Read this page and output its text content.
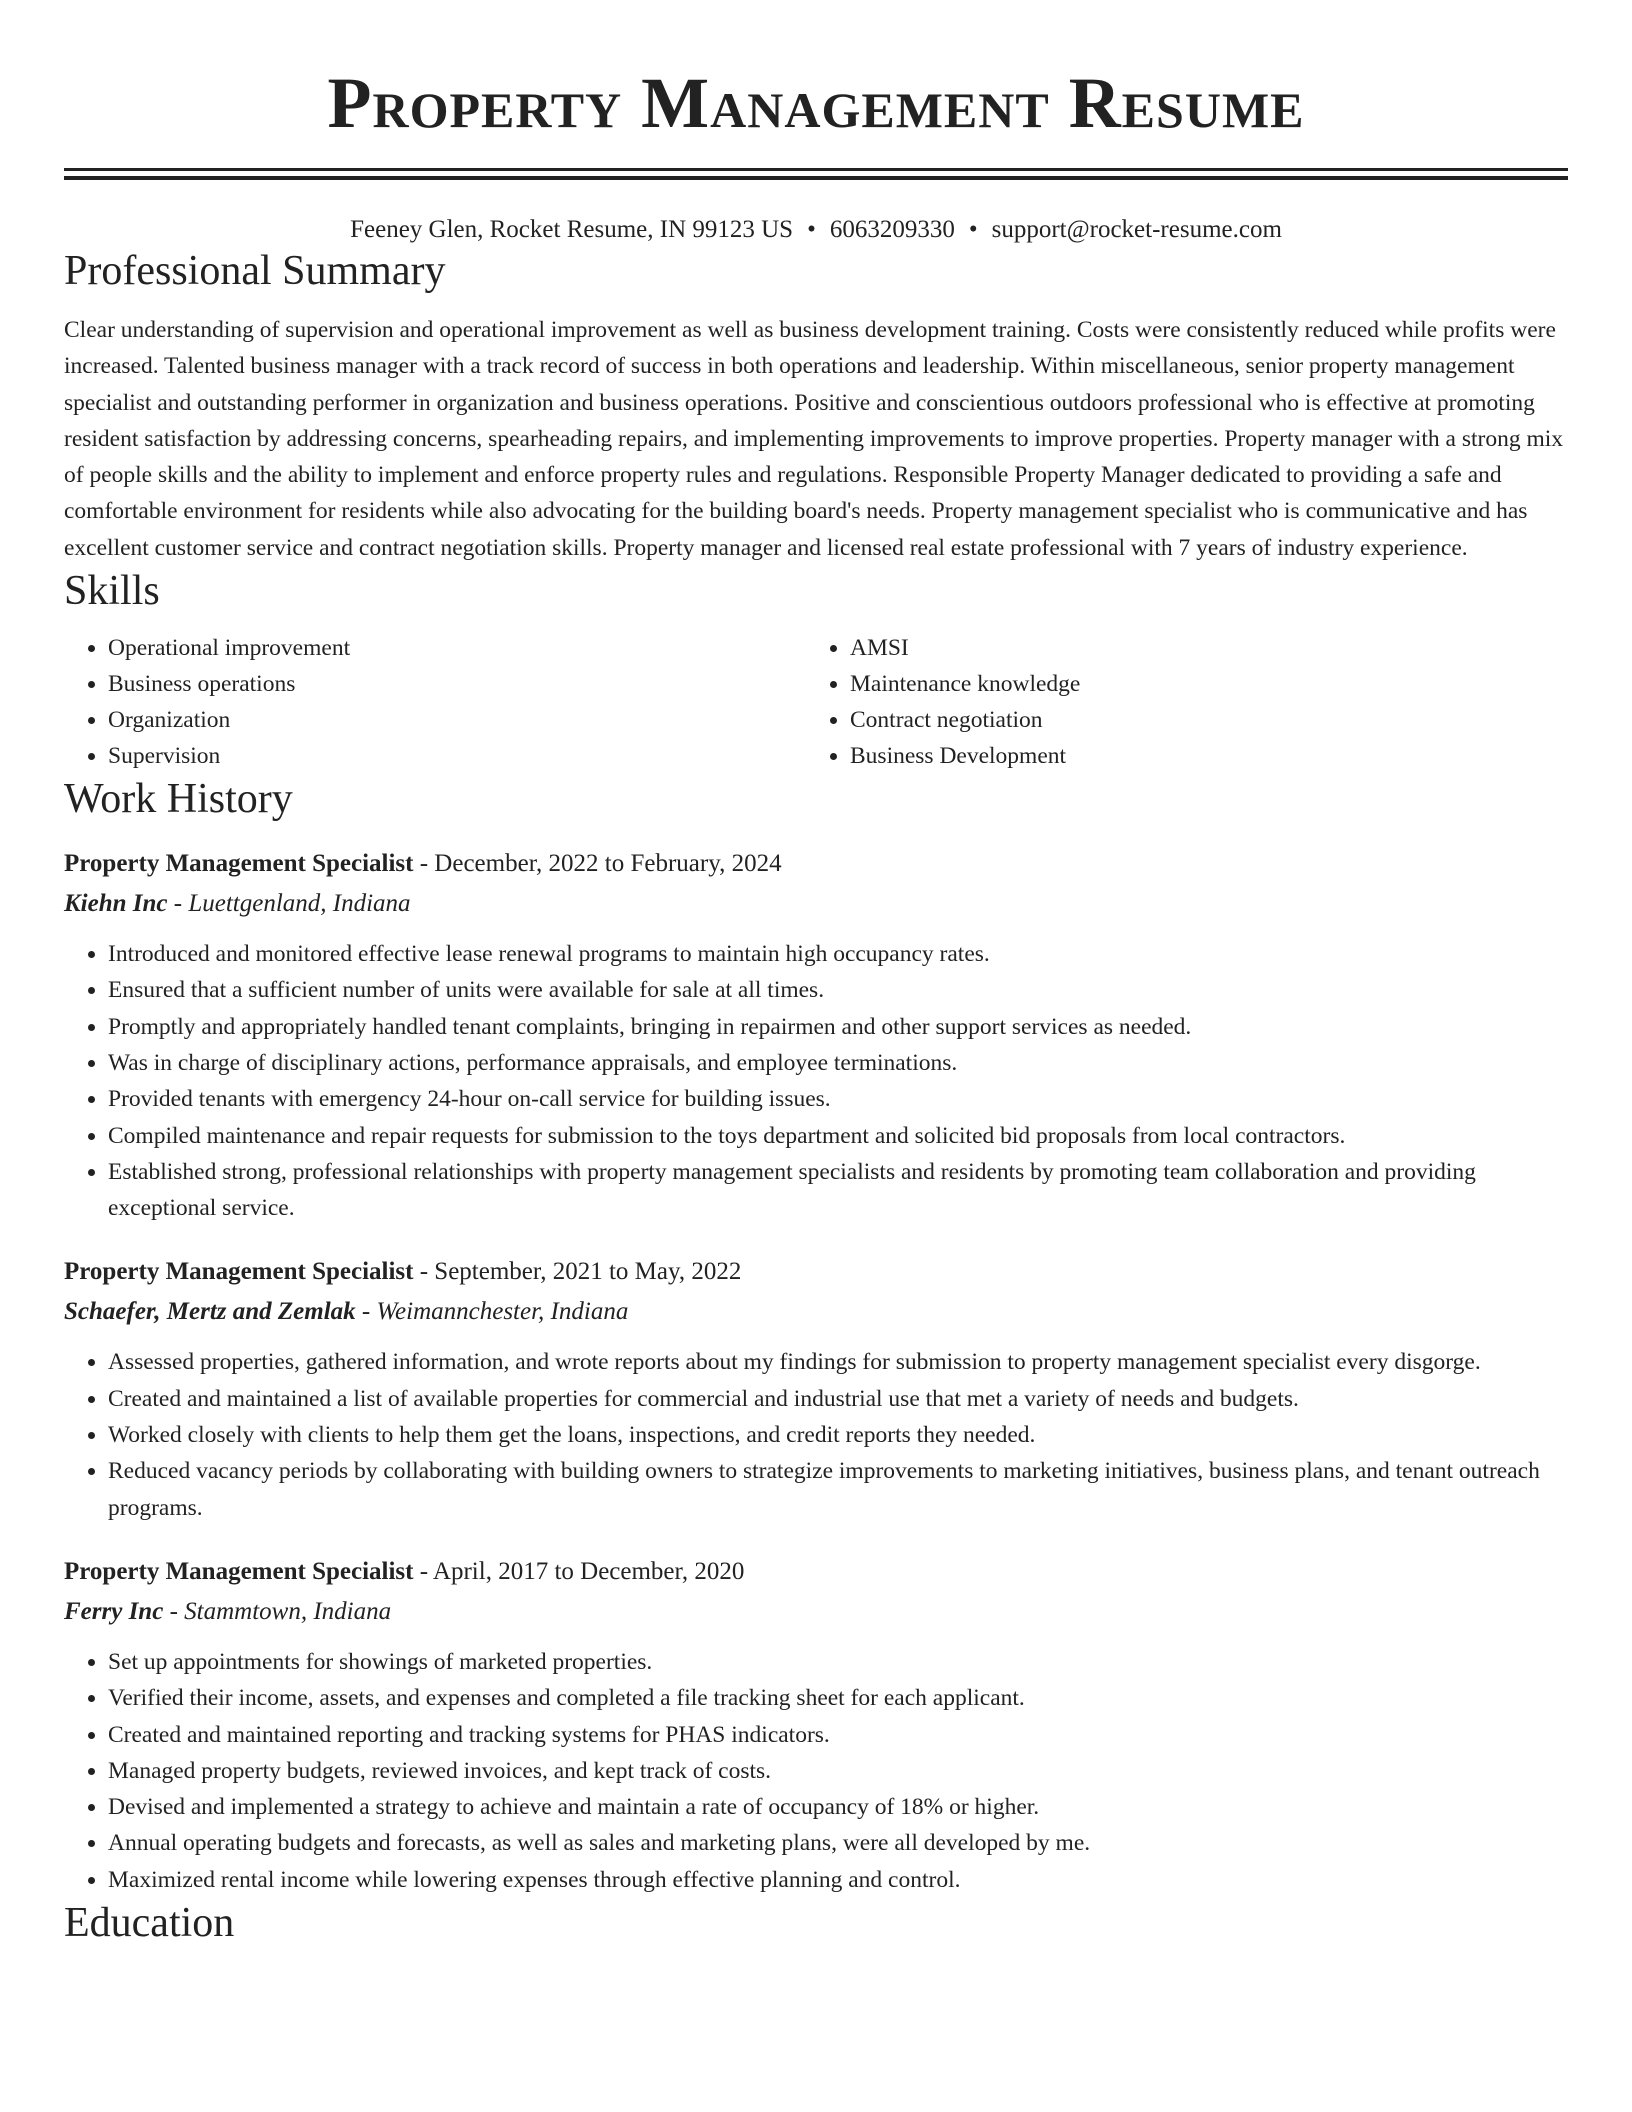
Property Management Resume
Feeney Glen, Rocket Resume, IN 99123 US • 6063209330 • support@rocket-resume.com
Professional Summary

Clear understanding of supervision and operational improvement as well as business development training. Costs were consistently reduced while profits were increased. Talented business manager with a track record of success in both operations and leadership. Within miscellaneous, senior property management specialist and outstanding performer in organization and business operations. Positive and conscientious outdoors professional who is effective at promoting resident satisfaction by addressing concerns, spearheading repairs, and implementing improvements to improve properties. Property manager with a strong mix of people skills and the ability to implement and enforce property rules and regulations. Responsible Property Manager dedicated to providing a safe and comfortable environment for residents while also advocating for the building board's needs. Property management specialist who is communicative and has excellent customer service and contract negotiation skills. Property manager and licensed real estate professional with 7 years of industry experience.

Skills
• Operational improvement
• Business operations
• Organization
• Supervision
• AMSI
• Maintenance knowledge
• Contract negotiation
• Business Development
Work History
Property Management Specialist - December, 2022 to February, 2024
Kiehn Inc - Luettgenland, Indiana
• Introduced and monitored effective lease renewal programs to maintain high occupancy rates.
• Ensured that a sufficient number of units were available for sale at all times.
• Promptly and appropriately handled tenant complaints, bringing in repairmen and other support services as needed.
• Was in charge of disciplinary actions, performance appraisals, and employee terminations.
• Provided tenants with emergency 24-hour on-call service for building issues.
• Compiled maintenance and repair requests for submission to the toys department and solicited bid proposals from local contractors.
• Established strong, professional relationships with property management specialists and residents by promoting team collaboration and providing exceptional service.
Property Management Specialist - September, 2021 to May, 2022
Schaefer, Mertz and Zemlak - Weimannchester, Indiana
• Assessed properties, gathered information, and wrote reports about my findings for submission to property management specialist every disgorge.
• Created and maintained a list of available properties for commercial and industrial use that met a variety of needs and budgets.
• Worked closely with clients to help them get the loans, inspections, and credit reports they needed.
• Reduced vacancy periods by collaborating with building owners to strategize improvements to marketing initiatives, business plans, and tenant outreach programs.
Property Management Specialist - April, 2017 to December, 2020
Ferry Inc - Stammtown, Indiana
• Set up appointments for showings of marketed properties.
• Verified their income, assets, and expenses and completed a file tracking sheet for each applicant.
• Created and maintained reporting and tracking systems for PHAS indicators.
• Managed property budgets, reviewed invoices, and kept track of costs.
• Devised and implemented a strategy to achieve and maintain a rate of occupancy of 18% or higher.
• Annual operating budgets and forecasts, as well as sales and marketing plans, were all developed by me.
• Maximized rental income while lowering expenses through effective planning and control.
Education
